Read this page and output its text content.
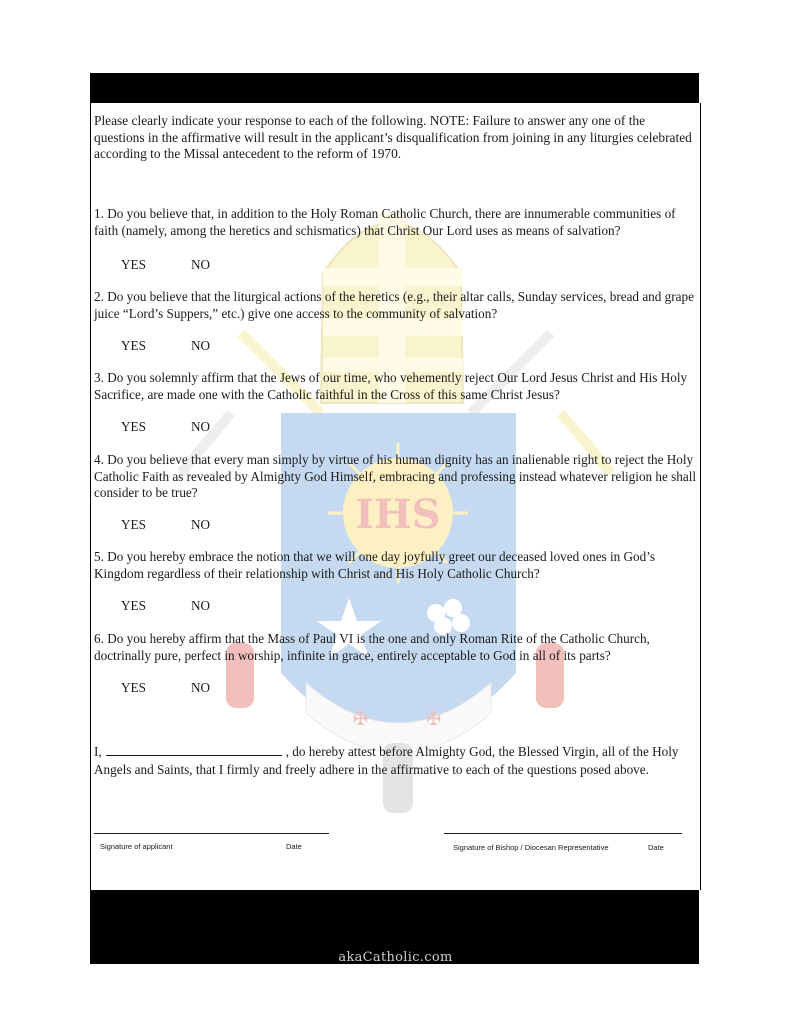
IHS
✠	✠
Please clearly indicate your response to each of the following. NOTE: Failure to answer any one of the questions in the affirmative will result in the applicant’s disqualification from joining in any liturgies celebrated according to the Missal antecedent to the reform of 1970.
1. Do you believe that, in addition to the Holy Roman Catholic Church, there are innumerable communities of faith (namely, among the heretics and schismatics) that Christ Our Lord uses as means of salvation?
YES	NO
2. Do you believe that the liturgical actions of the heretics (e.g., their altar calls, Sunday services, bread and grape juice “Lord’s Suppers,” etc.) give one access to the community of salvation?
YES	NO
3. Do you solemnly affirm that the Jews of our time, who vehemently reject Our Lord Jesus Christ and His Holy Sacrifice, are made one with the Catholic faithful in the Cross of this same Christ Jesus?
YES	NO
4. Do you believe that every man simply by virtue of his human dignity has an inalienable right to reject the Holy Catholic Faith as revealed by Almighty God Himself, embracing and professing instead whatever religion he shall consider to be true?
YES	NO
5. Do you hereby embrace the notion that we will one day joyfully greet our deceased loved ones in God’s Kingdom regardless of their relationship with Christ and His Holy Catholic Church?
YES	NO
6. Do you hereby affirm that the Mass of Paul VI is the one and only Roman Rite of the Catholic Church, doctrinally pure, perfect in worship, infinite in grace, entirely acceptable to God in all of its parts?
YES	NO
I,	, do hereby attest before Almighty God, the Blessed Virgin, all of the Holy Angels and Saints, that I firmly and freely adhere in the affirmative to each of the questions posed above.
Signature of applicant	Date	Signature of Bishop / Diocesan Representative	Date
akaCatholic.com
